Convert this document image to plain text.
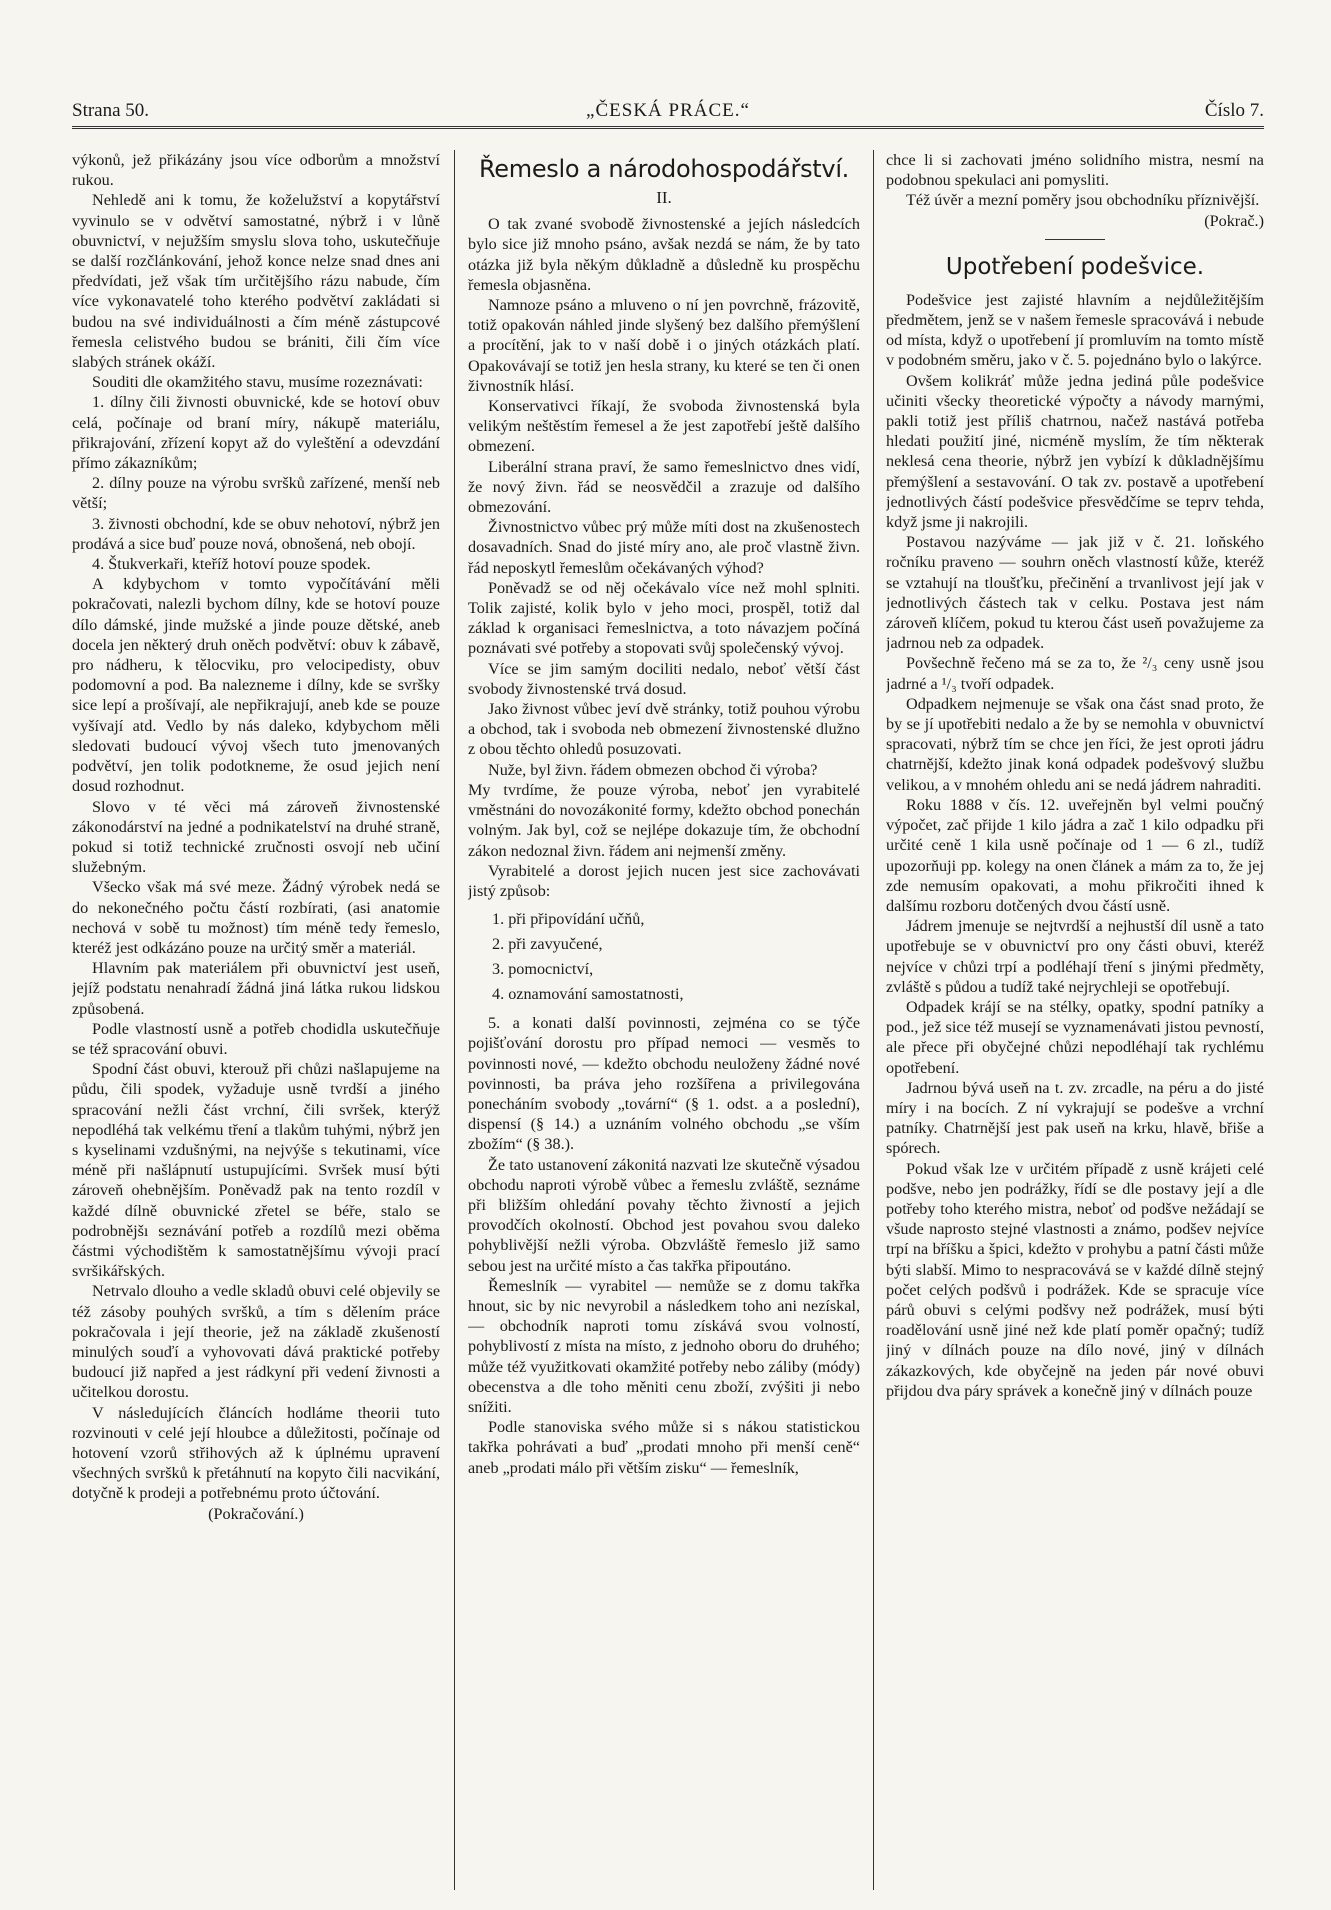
Strana 50.	„ČESKÁ PRÁCE.“	Číslo 7.

výkonů, jež přikázány jsou více odborům a množství rukou.

Nehledě ani k tomu, že koželužství a kopytářství vyvinulo se v odvětví samostatné, nýbrž i v lůně obuvnictví, v nejužším smyslu slova toho, uskutečňuje se další rozčlánkování, jehož konce nelze snad dnes ani předvídati, jež však tím určitějšího rázu nabude, čím více vykonavatelé toho kterého podvětví zakládati si budou na své individuálnosti a čím méně zástupcové řemesla celistvého budou se brániti, čili čím více slabých stránek okáží.

Souditi dle okamžitého stavu, musíme rozeznávati:

1. dílny čili živnosti obuvnické, kde se hotoví obuv celá, počínaje od braní míry, nákupě materiálu, přikrajování, zřízení kopyt až do vyleštění a odevzdání přímo zákazníkům;

2. dílny pouze na výrobu svršků zařízené, menší neb větší;

3. živnosti obchodní, kde se obuv nehotoví, nýbrž jen prodává a sice buď pouze nová, obnošená, neb obojí.

4. Štukverkaři, kteříž hotoví pouze spodek.

A kdybychom v tomto vypočítávání měli pokračovati, nalezli bychom dílny, kde se hotoví pouze dílo dámské, jinde mužské a jinde pouze dětské, aneb docela jen některý druh oněch podvětví: obuv k zábavě, pro nádheru, k tělocviku, pro velocipedisty, obuv podomovní a pod. Ba nalezneme i dílny, kde se svršky sice lepí a prošívají, ale nepřikrajují, aneb kde se pouze vyšívají atd. Vedlo by nás daleko, kdybychom měli sledovati budoucí vývoj všech tuto jmenovaných podvětví, jen tolik podotkneme, že osud jejich není dosud rozhodnut.

Slovo v té věci má zároveň živnostenské zákonodárství na jedné a podnikatelství na druhé straně, pokud si totiž technické zručnosti osvojí neb učiní služebným.

Všecko však má své meze. Žádný výrobek nedá se do nekonečného počtu částí rozbírati, (asi anatomie nechová v sobě tu možnost) tím méně tedy řemeslo, kteréž jest odkázáno pouze na určitý směr a materiál.

Hlavním pak materiálem při obuvnictví jest useň, jejíž podstatu nenahradí žádná jiná látka rukou lidskou způsobená.

Podle vlastností usně a potřeb chodidla uskutečňuje se též spracování obuvi.

Spodní část obuvi, kterouž při chůzi našlapujeme na půdu, čili spodek, vyžaduje usně tvrdší a jiného spracování nežli část vrchní, čili svršek, kterýž nepodléhá tak velkému tření a tlakům tuhými, nýbrž jen s kyselinami vzdušnými, na nejvýše s tekutinami, více méně při našlápnutí ustupujícími. Svršek musí býti zároveň ohebnějším. Poněvadž pak na tento rozdíl v každé dílně obuvnické zřetel se béře, stalo se podrobnějšı seznávání potřeb a rozdílů mezi oběma částmi východištěm k samostatnějšímu vývoji prací svršikářských.

Netrvalo dlouho a vedle skladů obuvi celé objevily se též zásoby pouhých svršků, a tím s dělením práce pokračovala i její theorie, jež na základě zkušeností minulých souďí a vyhovovati dává praktické potřeby budoucí již napřed a jest rádkyní při vedení živnosti a učitelkou dorostu.

V následujících článcích hodláme theorii tuto rozvinouti v celé její hloubce a důležitosti, počínaje od hotovení vzorů střihových až k úplnému upravení všechných svršků k přetáhnutí na kopyto čili nacvikání, dotyčně k prodeji a potřebnému proto účtování.

(Pokračování.)

Řemeslo a národohospodářství.
II.

O tak zvané svobodě živnostenské a jejích následcích bylo sice již mnoho psáno, avšak nezdá se nám, že by tato otázka již byla někým důkladně a důsledně ku prospěchu řemesla objasněna.

Namnoze psáno a mluveno o ní jen povrchně, frázovitě, totiž opakován náhled jinde slyšený bez dalšího přemýšlení a procítění, jak to v naší době i o jiných otázkách platí. Opakovávají se totiž jen hesla strany, ku které se ten či onen živnostník hlásí.

Konservativci říkají, že svoboda živnostenská byla velikým neštěstím řemesel a že jest zapotřebí ještě dalšího obmezení.

Liberální strana praví, že samo řemeslnictvo dnes vidí, že nový živn. řád se neosvědčil a zrazuje od dalšího obmezování.

Živnostnictvo vůbec prý může míti dost na zkušenostech dosavadních. Snad do jisté míry ano, ale proč vlastně živn. řád neposkytl řemeslům očekávaných výhod?

Poněvadž se od něj očekávalo více než mohl splniti. Tolik zajisté, kolik bylo v jeho moci, prospěl, totiž dal základ k organisaci řemeslnictva, a toto návazjem počíná poznávati své potřeby a stopovati svůj společenský vývoj.

Více se jim samým dociliti nedalo, neboť větší část svobody živnostenské trvá dosud.

Jako živnost vůbec jeví dvě stránky, totiž pouhou výrobu a obchod, tak i svoboda neb obmezení živnostenské dlužno z obou těchto ohledů posuzovati.

Nuže, byl živn. řádem obmezen obchod či výroba?

My tvrdíme, že pouze výroba, neboť jen vyrabitelé vměstnáni do novozákonité formy, kdežto obchod ponechán volným. Jak byl, což se nejlépe dokazuje tím, že obchodní zákon nedoznal živn. řádem ani nejmenší změny.

Vyrabitelé a dorost jejich nucen jest sice zachovávati jistý způsob:

1. při připovídání učňů,
2. při zavyučené,
3. pomocnictví,
4. oznamování samostatnosti,

5. a konati další povinnosti, zejména co se týče pojišťování dorostu pro případ nemoci — vesměs to povinnosti nové, — kdežto obchodu neuloženy žádné nové povinnosti, ba práva jeho rozšířena a privilegována ponecháním svobody „tovární“ (§ 1. odst. a a poslední), dispensí (§ 14.) a uznáním volného obchodu „se vším zbožím“ (§ 38.).

Že tato ustanovení zákonitá nazvati lze skutečně výsadou obchodu naproti výrobě vůbec a řemeslu zvláště, seznáme při bližším ohledání povahy těchto živností a jejich provodčích okolností. Obchod jest povahou svou daleko pohyblivější nežli výroba. Obzvláště řemeslo již samo sebou jest na určité místo a čas takřka připoutáno.

Řemeslník — vyrabitel — nemůže se z domu takřka hnout, sic by nic nevyrobil a následkem toho ani nezískal, — obchodník naproti tomu získává svou volností, pohyblivostí z místa na místo, z jednoho oboru do druhého; může též využitkovati okamžité potřeby nebo záliby (módy) obecenstva a dle toho měniti cenu zboží, zvýšiti ji nebo snížiti.

Podle stanoviska svého může si s nákou statistickou takřka pohrávati a buď „prodati mnoho při menší ceně“ aneb „prodati málo při větším zisku“ — řemeslník,

chce li si zachovati jméno solidního mistra, nesmí na podobnou spekulaci ani pomysliti.

Též úvěr a mezní poměry jsou obchodníku příznivější.

(Pokrač.)

Upotřebení podešvice.

Podešvice jest zajisté hlavním a nejdůležitějším předmětem, jenž se v našem řemesle spracovává i nebude od místa, když o upotřebení jí promluvím na tomto místě v podobném směru, jako v č. 5. pojednáno bylo o lakýrce.

Ovšem kolikráť může jedna jediná půle podešvice učiniti všecky theoretické výpočty a návody marnými, pakli totiž jest příliš chatrnou, načež nastává potřeba hledati použití jiné, nicméně myslím, že tím některak neklesá cena theorie, nýbrž jen vybízí k důkladnějšímu přemýšlení a sestavování. O tak zv. postavě a upotřebení jednotlivých částí podešvice přesvědčíme se teprv tehda, když jsme ji nakrojili.

Postavou nazýváme — jak již v č. 21. loňského ročníku praveno — souhrn oněch vlastností kůže, kteréž se vztahují na tloušťku, přečinění a trvanlivost její jak v jednotlivých částech tak v celku. Postava jest nám zároveň klíčem, pokud tu kterou část useň považujeme za jadrnou neb za odpadek.

Povšechně řečeno má se za to, že ²/₃ ceny usně jsou jadrné a ¹/₃ tvoří odpadek.

Odpadkem nejmenuje se však ona část snad proto, že by se jí upotřebiti nedalo a že by se nemohla v obuvnictví spracovati, nýbrž tím se chce jen říci, že jest oproti jádru chatrnější, kdežto jinak koná odpadek podešvový službu velikou, a v mnohém ohledu ani se nedá jádrem nahraditi.

Roku 1888 v čís. 12. uveřejněn byl velmi poučný výpočet, zač přijde 1 kilo jádra a zač 1 kilo odpadku při určité ceně 1 kila usně počínaje od 1 — 6 zl., tudíž upozorňuji pp. kolegy na onen článek a mám za to, že jej zde nemusím opakovati, a mohu přikročiti ihned k dalšímu rozboru dotčených dvou částí usně.

Jádrem jmenuje se nejtvrdší a nejhustší díl usně a tato upotřebuje se v obuvnictví pro ony části obuvi, kteréž nejvíce v chůzi trpí a podléhají tření s jinými předměty, zvláště s půdou a tudíž také nejrychleji se opotřebují.

Odpadek krájí se na stélky, opatky, spodní patníky a pod., jež sice též musejí se vyznamenávati jistou pevností, ale přece při obyčejné chůzi nepodléhají tak rychlému opotřebení.

Jadrnou bývá useň na t. zv. zrcadle, na péru a do jisté míry i na bocích. Z ní vykrajují se podešve a vrchní patníky. Chatrnější jest pak useň na krku, hlavě, břiše a spórech.

Pokud však lze v určitém případě z usně krájeti celé podšve, nebo jen podrážky, řídí se dle postavy její a dle potřeby toho kterého mistra, neboť od podšve nežádají se všude naprosto stejné vlastnosti a známo, podšev nejvíce trpí na bříšku a špici, kdežto v prohybu a patní části může býti slabší. Mimo to nespracovává se v každé dílně stejný počet celých podšvů i podrážek. Kde se spracuje více párů obuvi s celými podšvy než podrážek, musí býti roadělování usně jiné než kde platí poměr opačný; tudíž jiný v dílnách pouze na dílo nové, jiný v dílnách zákazkových, kde obyčejně na jeden pár nové obuvi přijdou dva páry správek a konečně jiný v dílnách pouze
